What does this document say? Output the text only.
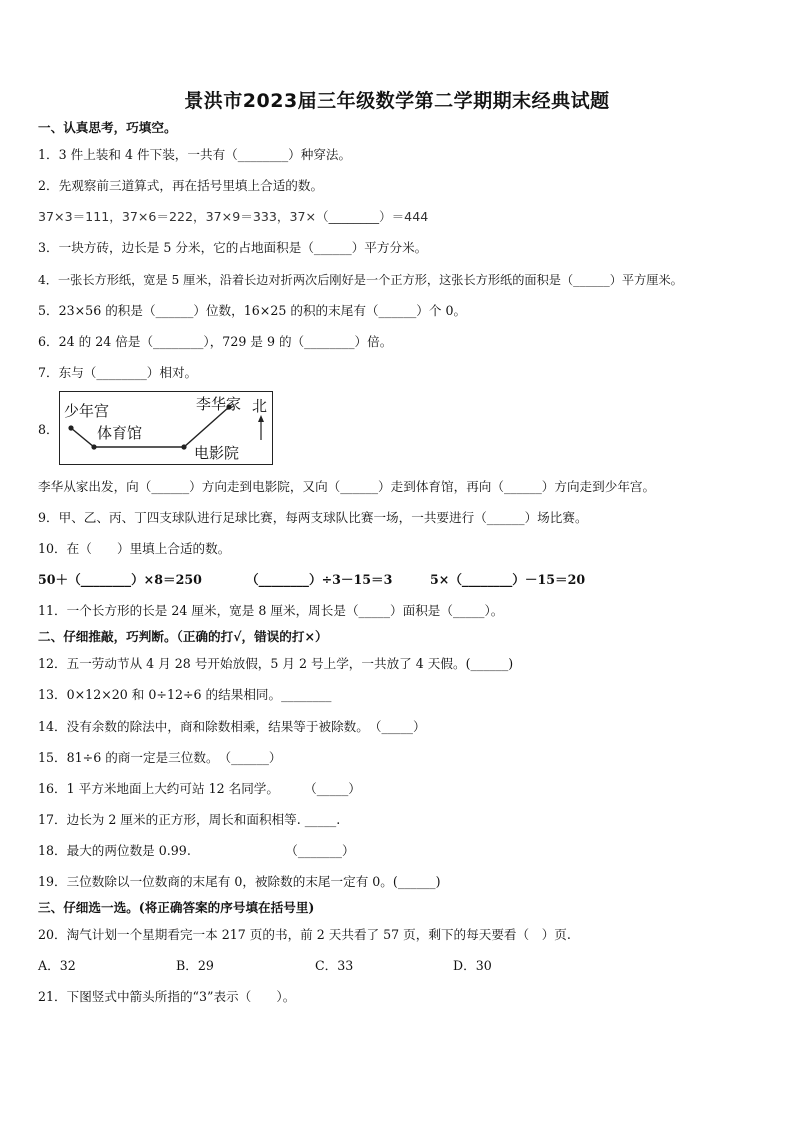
景洪市2023届三年级数学第二学期期末经典试题
一、认真思考，巧填空。
1．3 件上装和 4 件下装，一共有（________）种穿法。
2．先观察前三道算式，再在括号里填上合适的数。
37×3＝111，37×6＝222，37×9＝333，37×（________）＝444
3．一块方砖，边长是 5 分米，它的占地面积是（______）平方分米。
4．一张长方形纸，宽是 5 厘米，沿着长边对折两次后刚好是一个正方形，这张长方形纸的面积是（______）平方厘米。
5．23×56 的积是（______）位数，16×25 的积的末尾有（______）个 0。
6．24 的 24 倍是（________），729 是 9 的（________）倍。
7．东与（________）相对。
8．
少年宫
体育馆
李华家
电影院
北
李华从家出发，向（______）方向走到电影院，又向（______）走到体育馆，再向（______）方向走到少年宫。
9．甲、乙、丙、丁四支球队进行足球比赛，每两支球队比赛一场，一共要进行（______）场比赛。
10．在（　　）里填上合适的数。
50＋（________）×8＝250	（________）÷3－15＝3	5×（________）－15＝20
11．一个长方形的长是 24 厘米，宽是 8 厘米，周长是（_____）面积是（_____）。
二、仔细推敲，巧判断。（正确的打√，错误的打×）
12．五一劳动节从 4 月 28 号开始放假，5 月 2 号上学，一共放了 4 天假。(______)
13．0×12×20 和 0÷12÷6 的结果相同。________
14．没有余数的除法中，商和除数相乘，结果等于被除数。　（_____）
15．81÷6 的商一定是三位数。　（______）
16．1 平方米地面上大约可站 12 名同学。　　　（_____）
17．边长为 2 厘米的正方形，周长和面积相等. _____.
18．最大的两位数是 0.99.　　　　　　　　（_______）
19．三位数除以一位数商的末尾有 0，被除数的末尾一定有 0。(______)
三、仔细选一选。(将正确答案的序号填在括号里)
20．淘气计划一个星期看完一本 217 页的书，前 2 天共看了 57 页，剩下的每天要看（　）页.
A．32	B．29	C．33	D．30
21．下图竖式中箭头所指的“3”表示（　　）。
